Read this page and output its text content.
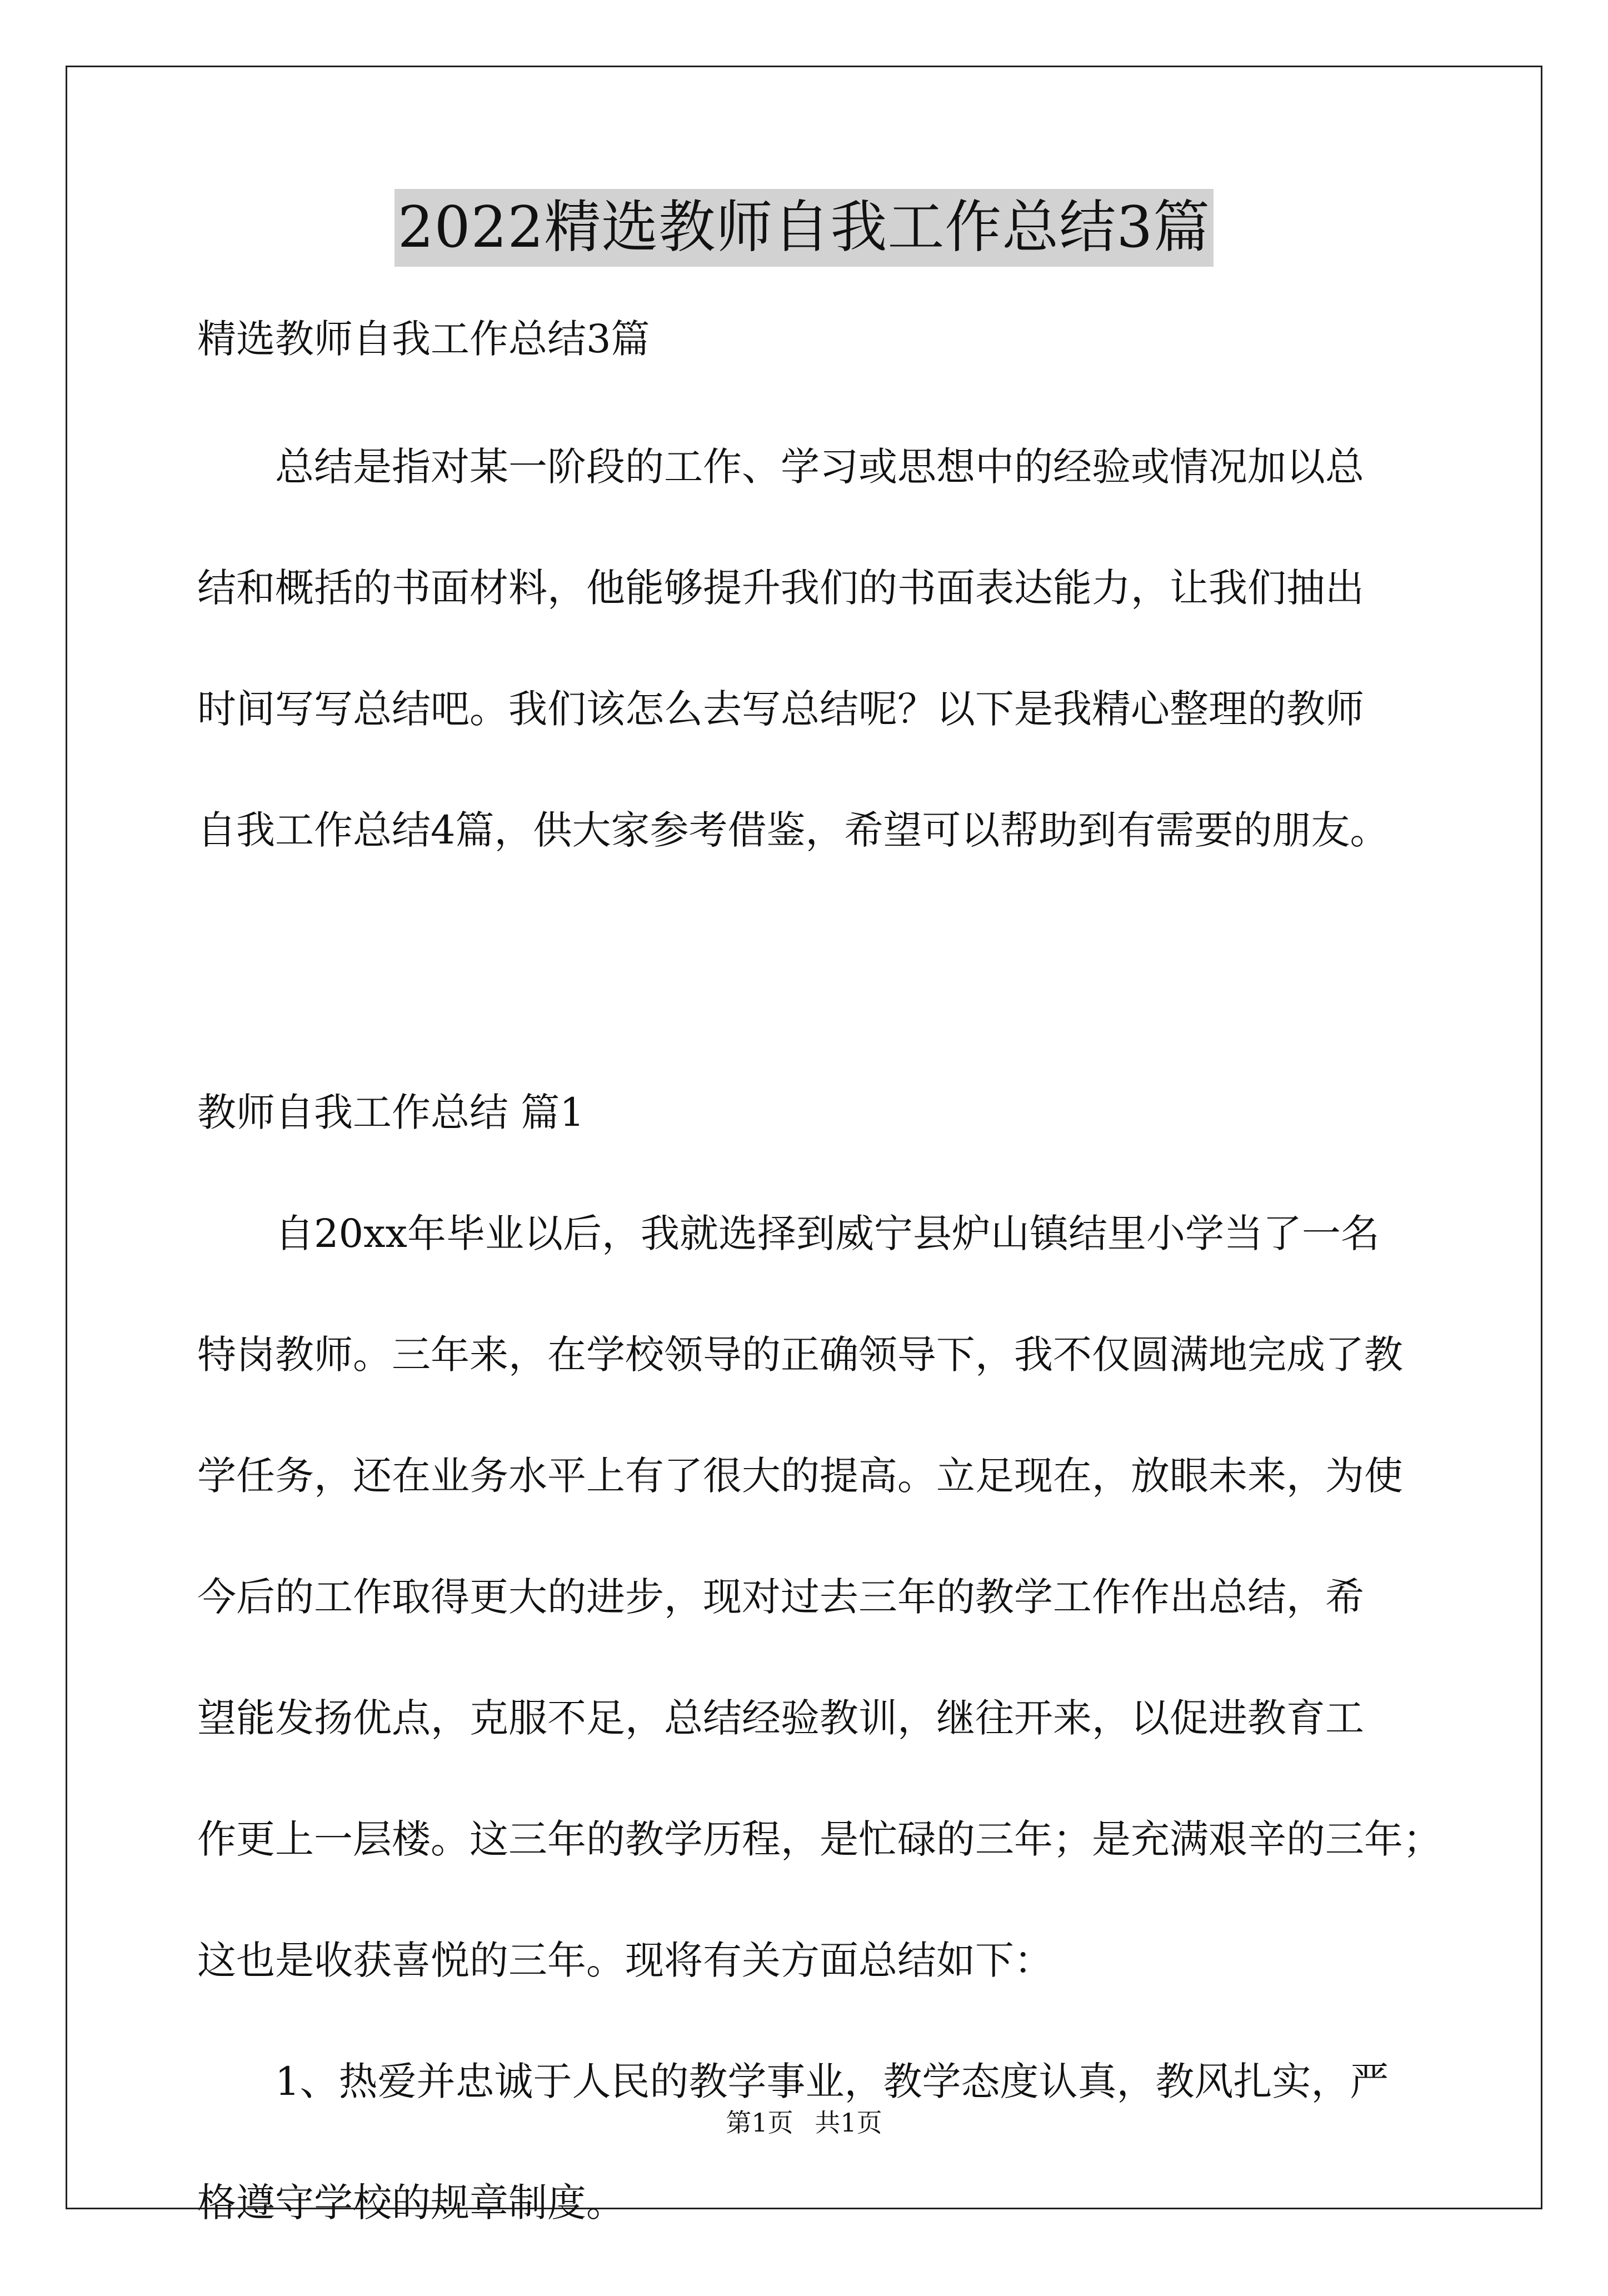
2022精选教师自我工作总结3篇
精选教师自我工作总结3篇
总结是指对某一阶段的工作、学习或思想中的经验或情况加以总
结和概括的书面材料，他能够提升我们的书面表达能力，让我们抽出
时间写写总结吧。我们该怎么去写总结呢？以下是我精心整理的教师
自我工作总结4篇，供大家参考借鉴，希望可以帮助到有需要的朋友。
教师自我工作总结 篇1
自20xx年毕业以后，我就选择到威宁县炉山镇结里小学当了一名
特岗教师。三年来，在学校领导的正确领导下，我不仅圆满地完成了教
学任务，还在业务水平上有了很大的提高。立足现在，放眼未来，为使
今后的工作取得更大的进步，现对过去三年的教学工作作出总结，希
望能发扬优点，克服不足，总结经验教训，继往开来，以促进教育工
作更上一层楼。这三年的教学历程，是忙碌的三年；是充满艰辛的三年；
这也是收获喜悦的三年。现将有关方面总结如下：
1、热爱并忠诚于人民的教学事业，教学态度认真，教风扎实，严
格遵守学校的规章制度。
第1页 共1页
